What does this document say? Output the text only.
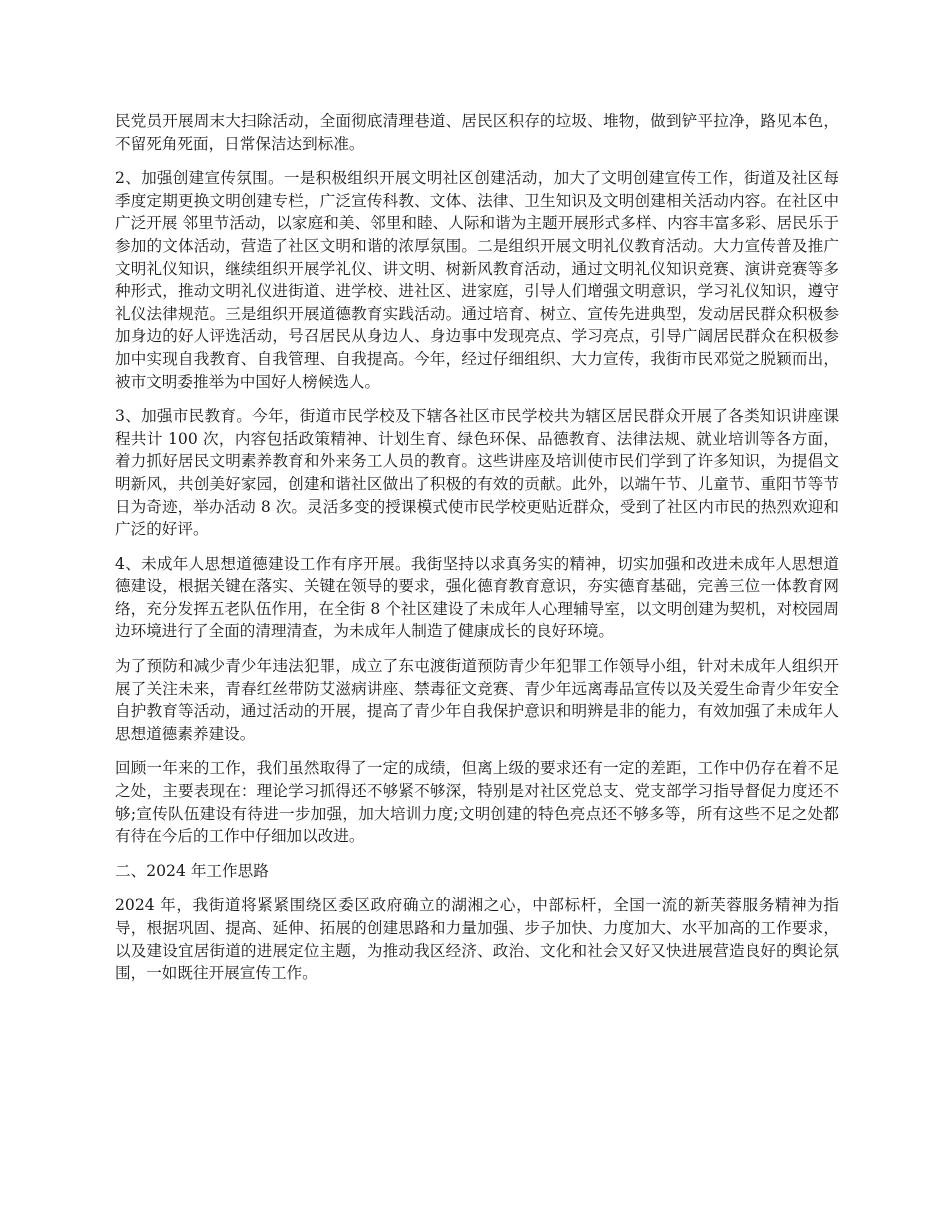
民党员开展周末大扫除活动，全面彻底清理巷道、居民区积存的垃圾、堆物，做到铲平拉净，路见本色，不留死角死面，日常保洁达到标准。

2、加强创建宣传氛围。一是积极组织开展文明社区创建活动，加大了文明创建宣传工作，街道及社区每季度定期更换文明创建专栏，广泛宣传科教、文体、法律、卫生知识及文明创建相关活动内容。在社区中广泛开展 邻里节活动，以家庭和美、邻里和睦、人际和谐为主题开展形式多样、内容丰富多彩、居民乐于参加的文体活动，营造了社区文明和谐的浓厚氛围。二是组织开展文明礼仪教育活动。大力宣传普及推广文明礼仪知识，继续组织开展学礼仪、讲文明、树新风教育活动，通过文明礼仪知识竞赛、演讲竞赛等多种形式，推动文明礼仪进街道、进学校、进社区、进家庭，引导人们增强文明意识，学习礼仪知识，遵守礼仪法律规范。三是组织开展道德教育实践活动。通过培育、树立、宣传先进典型，发动居民群众积极参加身边的好人评选活动，号召居民从身边人、身边事中发现亮点、学习亮点，引导广阔居民群众在积极参加中实现自我教育、自我管理、自我提高。今年，经过仔细组织、大力宣传，我街市民邓觉之脱颖而出，被市文明委推举为中国好人榜候选人。

3、加强市民教育。今年，街道市民学校及下辖各社区市民学校共为辖区居民群众开展了各类知识讲座课程共计 100 次，内容包括政策精神、计划生育、绿色环保、品德教育、法律法规、就业培训等各方面，着力抓好居民文明素养教育和外来务工人员的教育。这些讲座及培训使市民们学到了许多知识，为提倡文明新风，共创美好家园，创建和谐社区做出了积极的有效的贡献。此外，以端午节、儿童节、重阳节等节日为奇迹，举办活动 8 次。灵活多变的授课模式使市民学校更贴近群众，受到了社区内市民的热烈欢迎和广泛的好评。

4、未成年人思想道德建设工作有序开展。我街坚持以求真务实的精神，切实加强和改进未成年人思想道德建设，根据关键在落实、关键在领导的要求，强化德育教育意识，夯实德育基础，完善三位一体教育网络，充分发挥五老队伍作用，在全街 8 个社区建设了未成年人心理辅导室，以文明创建为契机，对校园周边环境进行了全面的清理清查，为未成年人制造了健康成长的良好环境。

为了预防和减少青少年违法犯罪，成立了东屯渡街道预防青少年犯罪工作领导小组，针对未成年人组织开展了关注未来，青春红丝带防艾滋病讲座、禁毒征文竞赛、青少年远离毒品宣传以及关爱生命青少年安全自护教育等活动，通过活动的开展，提高了青少年自我保护意识和明辨是非的能力，有效加强了未成年人思想道德素养建设。

回顾一年来的工作，我们虽然取得了一定的成绩，但离上级的要求还有一定的差距，工作中仍存在着不足之处，主要表现在：理论学习抓得还不够紧不够深，特别是对社区党总支、党支部学习指导督促力度还不够;宣传队伍建设有待进一步加强，加大培训力度;文明创建的特色亮点还不够多等，所有这些不足之处都有待在今后的工作中仔细加以改进。

二、2024 年工作思路

2024 年，我街道将紧紧围绕区委区政府确立的湖湘之心，中部标杆，全国一流的新芙蓉服务精神为指导，根据巩固、提高、延伸、拓展的创建思路和力量加强、步子加快、力度加大、水平加高的工作要求，以及建设宜居街道的进展定位主题，为推动我区经济、政治、文化和社会又好又快进展营造良好的舆论氛围，一如既往开展宣传工作。
